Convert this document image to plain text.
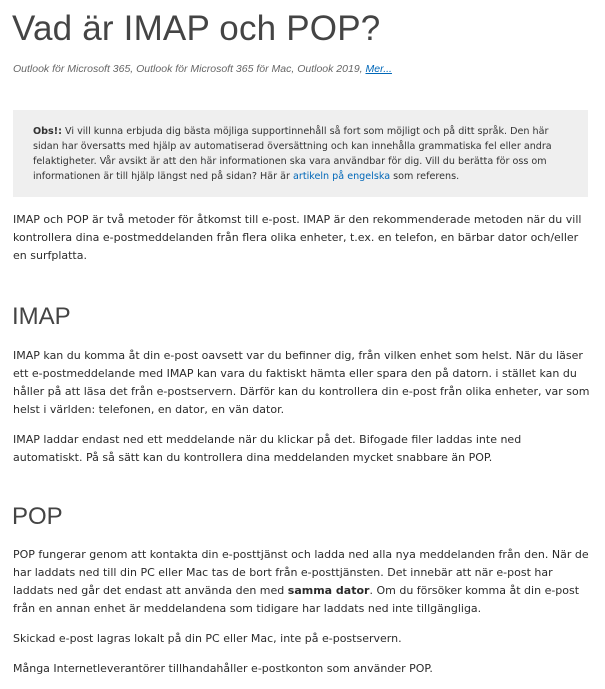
Vad är IMAP och POP?
Outlook för Microsoft 365, Outlook för Microsoft 365 för Mac, Outlook 2019, Mer...
Obs!: Vi vill kunna erbjuda dig bästa möjliga supportinnehåll så fort som möjligt och på ditt språk. Den här sidan har översatts med hjälp av automatiserad översättning och kan innehålla grammatiska fel eller andra felaktigheter. Vår avsikt är att den här informationen ska vara användbar för dig. Vill du berätta för oss om informationen är till hjälp längst ned på sidan? Här är artikeln på engelska som referens.

IMAP och POP är två metoder för åtkomst till e-post. IMAP är den rekommenderade metoden när du vill kontrollera dina e-postmeddelanden från flera olika enheter, t.ex. en telefon, en bärbar dator och/eller en surfplatta.

IMAP

IMAP kan du komma åt din e-post oavsett var du befinner dig, från vilken enhet som helst. När du läser ett e-postmeddelande med IMAP kan vara du faktiskt hämta eller spara den på datorn. i stället kan du håller på att läsa det från e-postservern. Därför kan du kontrollera din e-post från olika enheter, var som helst i världen: telefonen, en dator, en vän dator.

IMAP laddar endast ned ett meddelande när du klickar på det. Bifogade filer laddas inte ned automatiskt. På så sätt kan du kontrollera dina meddelanden mycket snabbare än POP.

POP

POP fungerar genom att kontakta din e-posttjänst och ladda ned alla nya meddelanden från den. När de har laddats ned till din PC eller Mac tas de bort från e-posttjänsten. Det innebär att när e-post har laddats ned går det endast att använda den med samma dator. Om du försöker komma åt din e-post från en annan enhet är meddelandena som tidigare har laddats ned inte tillgängliga.

Skickad e-post lagras lokalt på din PC eller Mac, inte på e-postservern.

Många Internetleverantörer tillhandahåller e-postkonton som använder POP.
